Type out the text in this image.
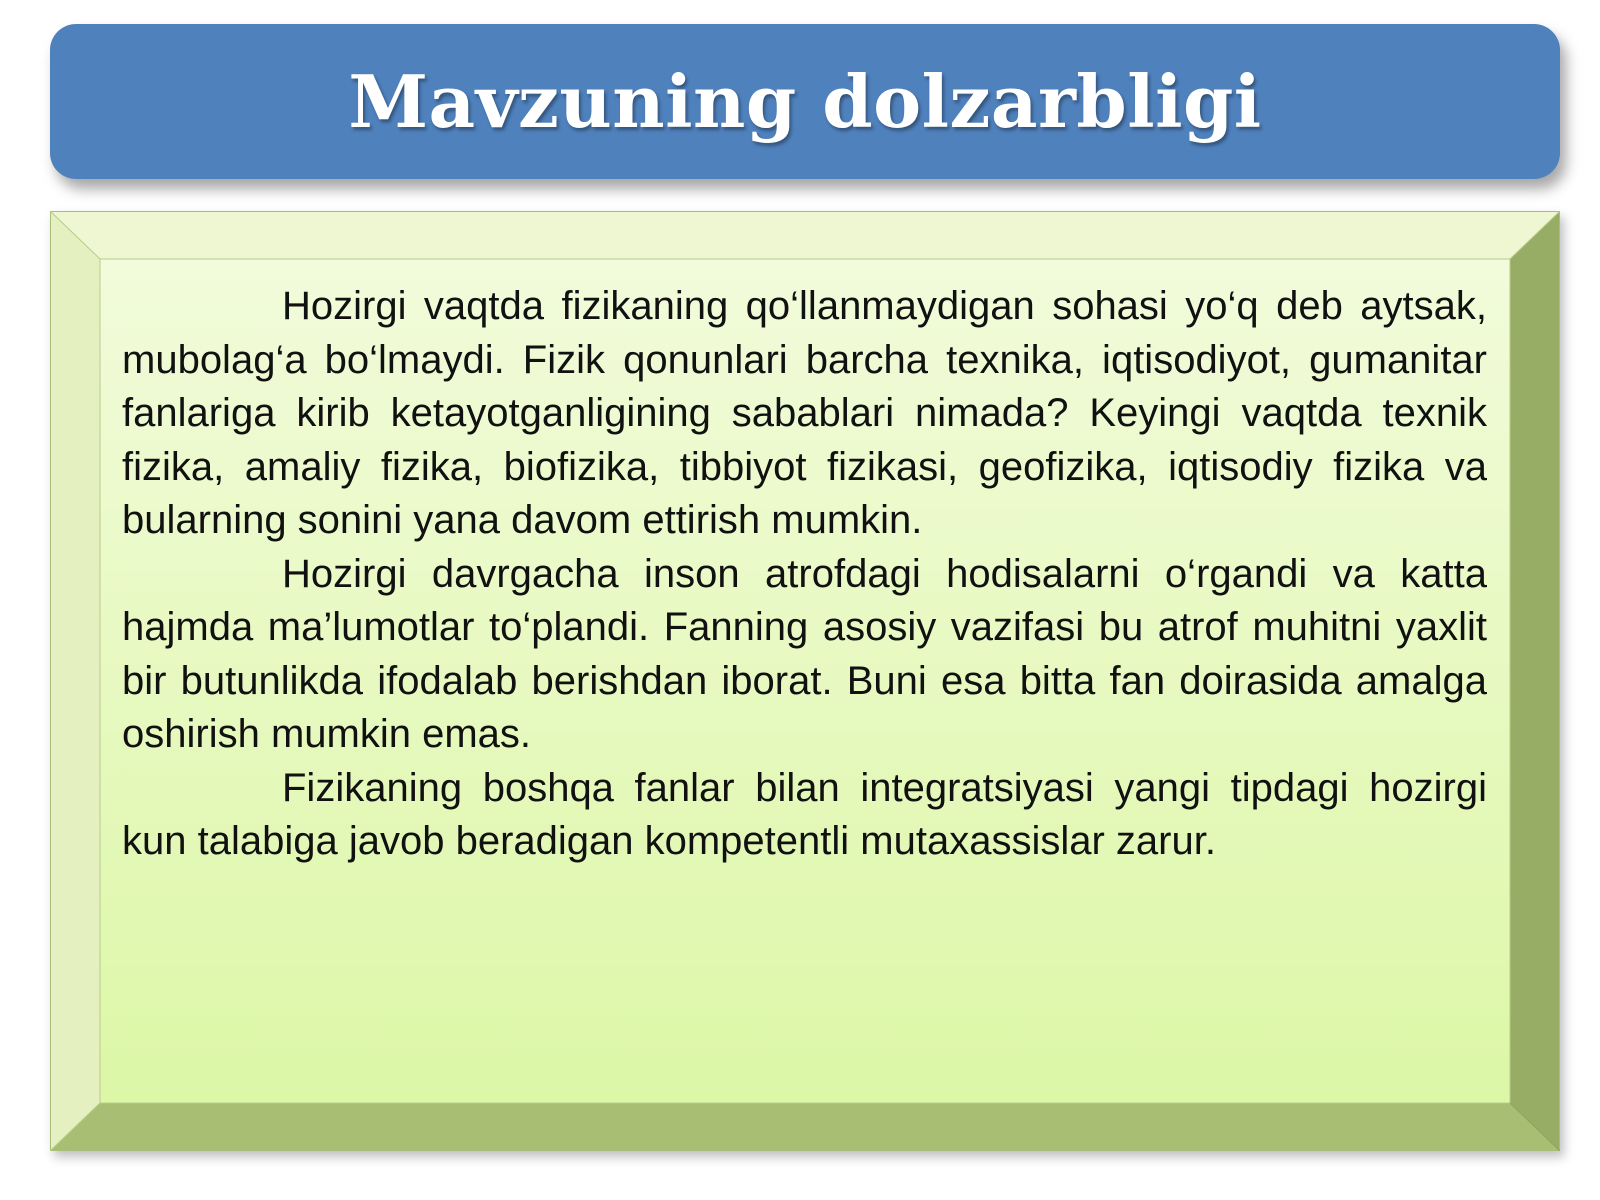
Mavzuning dolzarbligi

Hozirgi vaqtda fizikaning qo‘llanmaydigan sohasi yo‘q deb aytsak, mubolag‘a bo‘lmaydi. Fizik qonunlari barcha texnika, iqtisodiyot, gumanitar fanlariga kirib ketayotganligining sabablari nimada? Keyingi vaqtda texnik fizika, amaliy fizika, biofizika, tibbiyot fizikasi, geofizika, iqtisodiy fizika va bularning sonini yana davom ettirish mumkin.

Hozirgi davrgacha inson atrofdagi hodisalarni o‘rgandi va katta hajmda ma’lumotlar to‘plandi. Fanning asosiy vazifasi bu atrof muhitni yaxlit bir butunlikda ifodalab berishdan iborat. Buni esa bitta fan doirasida amalga oshirish mumkin emas.

Fizikaning boshqa fanlar bilan integratsiyasi yangi tipdagi hozirgi kun talabiga javob beradigan kompetentli mutaxassislar zarur.
